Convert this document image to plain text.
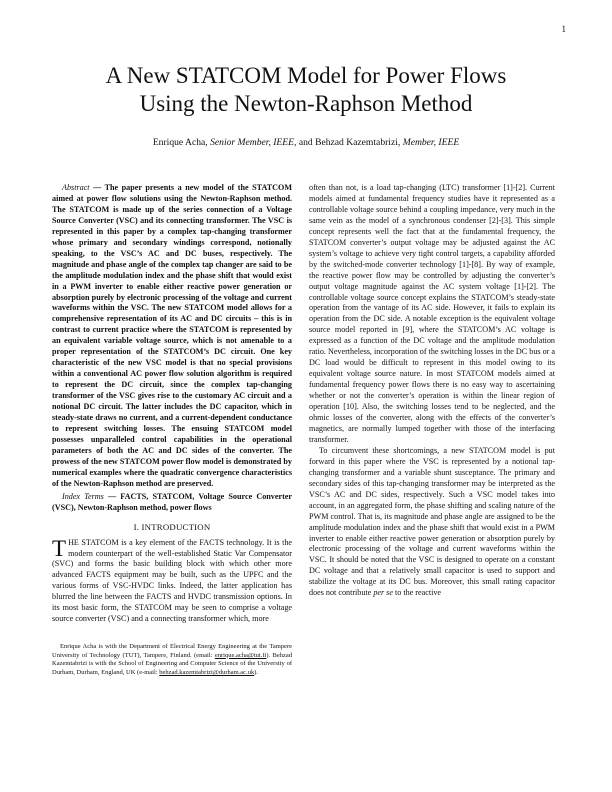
1
A New STATCOM Model for Power Flows
Using the Newton-Raphson Method
Enrique Acha, Senior Member, IEEE, and Behzad Kazemtabrizi, Member, IEEE

Abstract — The paper presents a new model of the STATCOM aimed at power flow solutions using the Newton-Raphson method. The STATCOM is made up of the series connection of a Voltage Source Converter (VSC) and its connecting transformer. The VSC is represented in this paper by a complex tap-changing transformer whose primary and secondary windings correspond, notionally speaking, to the VSC’s AC and DC buses, respectively. The magnitude and phase angle of the complex tap changer are said to be the amplitude modulation index and the phase shift that would exist in a PWM inverter to enable either reactive power generation or absorption purely by electronic processing of the voltage and current waveforms within the VSC. The new STATCOM model allows for a comprehensive representation of its AC and DC circuits – this is in contrast to current practice where the STATCOM is represented by an equivalent variable voltage source, which is not amenable to a proper representation of the STATCOM’s DC circuit. One key characteristic of the new VSC model is that no special provisions within a conventional AC power flow solution algorithm is required to represent the DC circuit, since the complex tap-changing transformer of the VSC gives rise to the customary AC circuit and a notional DC circuit. The latter includes the DC capacitor, which in steady-state draws no current, and a current-dependent conductance to represent switching losses. The ensuing STATCOM model possesses unparalleled control capabilities in the operational parameters of both the AC and DC sides of the converter. The prowess of the new STATCOM power flow model is demonstrated by numerical examples where the quadratic convergence characteristics of the Newton-Raphson method are preserved.

Index Terms — FACTS, STATCOM, Voltage Source Converter (VSC), Newton-Raphson method, power flows

I. INTRODUCTION

THE STATCOM is a key element of the FACTS technology. It is the modern counterpart of the well-established Static Var Compensator (SVC) and forms the basic building block with which other more advanced FACTS equipment may be built, such as the UPFC and the various forms of VSC-HVDC links. Indeed, the latter application has blurred the line between the FACTS and HVDC transmission options. In its most basic form, the STATCOM may be seen to comprise a voltage source converter (VSC) and a connecting transformer which, more

Enrique Acha is with the Department of Electrical Energy Engineering at the Tampere University of Technology (TUT), Tampere, Finland. (email: enrique.acha@tut.fi). Behzad Kazemtabrizi is with the School of Engineering and Computer Science of the University of Durham, Durham, England, UK (e-mail: behzad.kazemtabrizi@durham.ac.uk).

often than not, is a load tap-changing (LTC) transformer [1]-[2]. Current models aimed at fundamental frequency studies have it represented as a controllable voltage source behind a coupling impedance, very much in the same vein as the model of a synchronous condenser [2]-[3]. This simple concept represents well the fact that at the fundamental frequency, the STATCOM converter’s output voltage may be adjusted against the AC system’s voltage to achieve very tight control targets, a capability afforded by the switched-mode converter technology [1]-[8]. By way of example, the reactive power flow may be controlled by adjusting the converter’s output voltage magnitude against the AC system voltage [1]-[2]. The controllable voltage source concept explains the STATCOM’s steady-state operation from the vantage of its AC side. However, it fails to explain its operation from the DC side. A notable exception is the equivalent voltage source model reported in [9], where the STATCOM’s AC voltage is expressed as a function of the DC voltage and the amplitude modulation ratio. Nevertheless, incorporation of the switching losses in the DC bus or a DC load would be difficult to represent in this model owing to its equivalent voltage source nature. In most STATCOM models aimed at fundamental frequency power flows there is no easy way to ascertaining whether or not the converter’s operation is within the linear region of operation [10]. Also, the switching losses tend to be neglected, and the ohmic losses of the converter, along with the effects of the converter’s magnetics, are normally lumped together with those of the interfacing transformer.

To circumvent these shortcomings, a new STATCOM model is put forward in this paper where the VSC is represented by a notional tap-changing transformer and a variable shunt susceptance. The primary and secondary sides of this tap-changing transformer may be interpreted as the VSC’s AC and DC sides, respectively. Such a VSC model takes into account, in an aggregated form, the phase shifting and scaling nature of the PWM control. That is, its magnitude and phase angle are assigned to be the amplitude modulation index and the phase shift that would exist in a PWM inverter to enable either reactive power generation or absorption purely by electronic processing of the voltage and current waveforms within the VSC. It should be noted that the VSC is designed to operate on a constant DC voltage and that a relatively small capacitor is used to support and stabilize the voltage at its DC bus. Moreover, this small rating capacitor does not contribute per se to the reactive
